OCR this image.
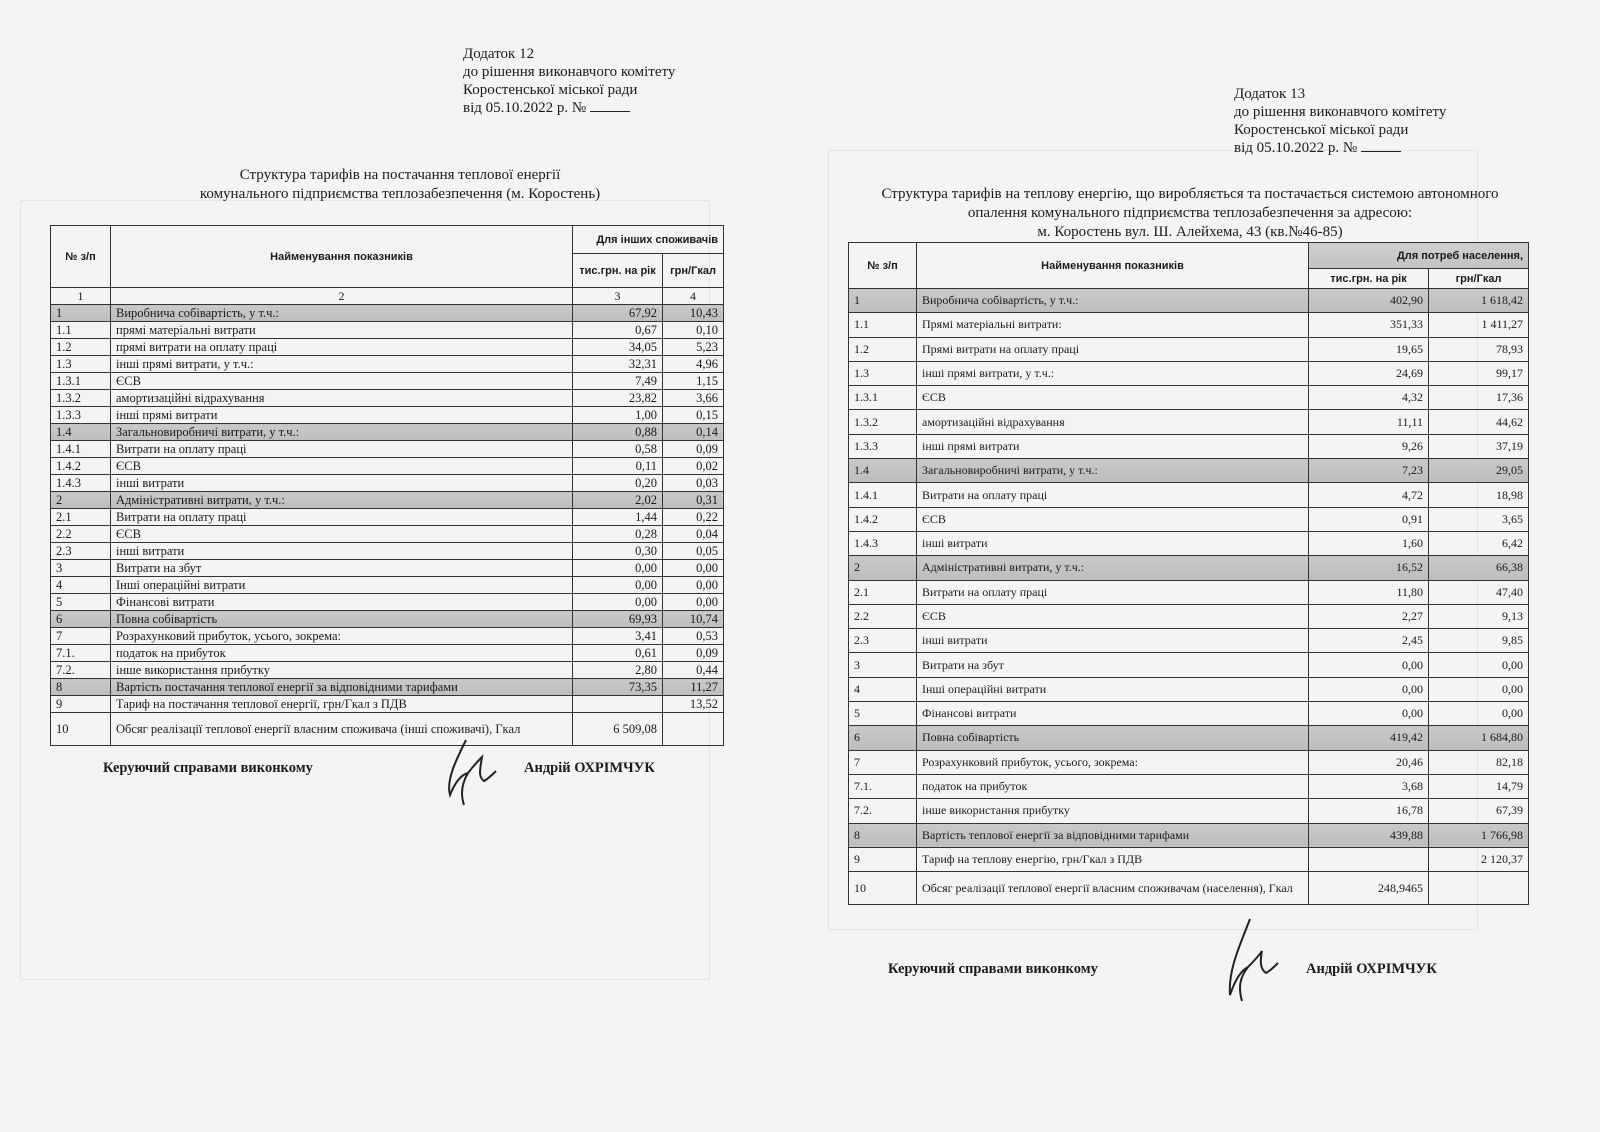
Додаток 12
до рішення виконавчого комітету
Коростенської міської ради
від 05.10.2022 р. №
Структура тарифів на постачання теплової енергії
комунального підприємства теплозабезпечення (м. Коростень)
№ з/п	Найменування показників	Для інших споживачів	
		тис.грн. на рік	грн/Гкал
1	2	3	4
1	Виробнича собівартість, у т.ч.:	67,92	10,43
1.1	прямі матеріальні витрати	0,67	0,10
1.2	прямі витрати на оплату праці	34,05	5,23
1.3	інші прямі витрати, у т.ч.:	32,31	4,96
1.3.1	ЄСВ	7,49	1,15
1.3.2	амортизаційні відрахування	23,82	3,66
1.3.3	інші прямі витрати	1,00	0,15
1.4	Загальновиробничі витрати, у т.ч.:	0,88	0,14
1.4.1	Витрати на оплату праці	0,58	0,09
1.4.2	ЄСВ	0,11	0,02
1.4.3	інші витрати	0,20	0,03
2	Адміністративні витрати, у т.ч.:	2,02	0,31
2.1	Витрати на оплату праці	1,44	0,22
2.2	ЄСВ	0,28	0,04
2.3	інші витрати	0,30	0,05
3	Витрати на збут	0,00	0,00
4	Інші операційні витрати	0,00	0,00
5	Фінансові витрати	0,00	0,00
6	Повна собівартість	69,93	10,74
7	Розрахунковий прибуток, усього, зокрема:	3,41	0,53
7.1.	податок на прибуток	0,61	0,09
7.2.	інше використання прибутку	2,80	0,44
8	Вартість постачання теплової енергії за відповідними тарифами	73,35	11,27
9	Тариф на постачання теплової енергії, грн/Гкал з ПДВ		13,52
10	Обсяг реалізації теплової енергії власним споживача (інші споживачі), Гкал	6 509,08	
Керуючий справами виконкому	Андрій ОХРІМЧУК
Додаток 13
до рішення виконавчого комітету
Коростенської міської ради
від 05.10.2022 р. №
Структура тарифів на теплову енергію, що виробляється та постачається системою автономного
опалення комунального підприємства теплозабезпечення за адресою:
м. Коростень вул. Ш. Алейхема, 43 (кв.№46-85)
№ з/п	Найменування показників	Для потреб населення,	
		тис.грн. на рік	грн/Гкал
1	Виробнича собівартість, у т.ч.:	402,90	1 618,42
1.1	Прямі матеріальні витрати:	351,33	1 411,27
1.2	Прямі витрати на оплату праці	19,65	78,93
1.3	інші прямі витрати, у т.ч.:	24,69	99,17
1.3.1	ЄСВ	4,32	17,36
1.3.2	амортизаційні відрахування	11,11	44,62
1.3.3	інші прямі витрати	9,26	37,19
1.4	Загальновиробничі витрати, у т.ч.:	7,23	29,05
1.4.1	Витрати на оплату праці	4,72	18,98
1.4.2	ЄСВ	0,91	3,65
1.4.3	інші витрати	1,60	6,42
2	Адміністративні витрати, у т.ч.:	16,52	66,38
2.1	Витрати на оплату праці	11,80	47,40
2.2	ЄСВ	2,27	9,13
2.3	інші витрати	2,45	9,85
3	Витрати на збут	0,00	0,00
4	Інші операційні витрати	0,00	0,00
5	Фінансові витрати	0,00	0,00
6	Повна собівартість	419,42	1 684,80
7	Розрахунковий прибуток, усього, зокрема:	20,46	82,18
7.1.	податок на прибуток	3,68	14,79
7.2.	інше використання прибутку	16,78	67,39
8	Вартість теплової енергії за відповідними тарифами	439,88	1 766,98
9	Тариф на теплову енергію, грн/Гкал з ПДВ		2 120,37
10	Обсяг реалізації теплової енергії власним споживачам (населення), Гкал	248,9465	
Керуючий справами виконкому	Андрій ОХРІМЧУК
